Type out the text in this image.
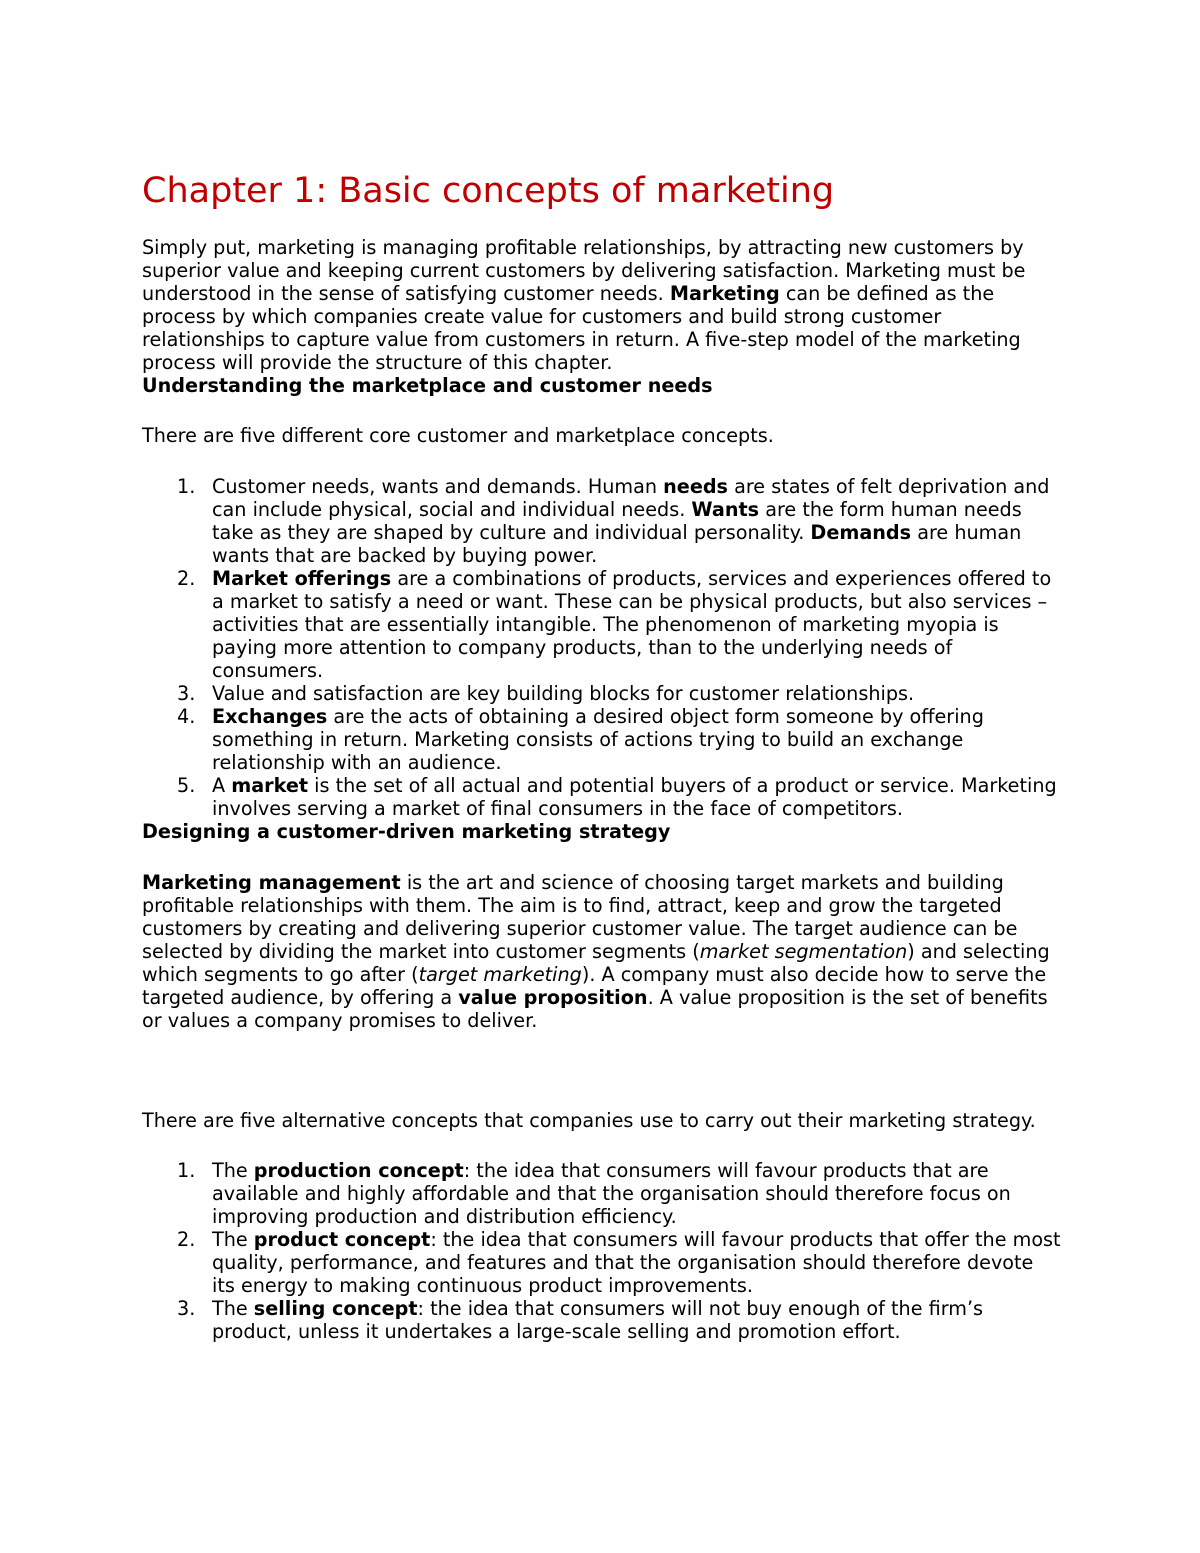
Chapter 1: Basic concepts of marketing

Simply put, marketing is managing profitable relationships, by attracting new customers by superior value and keeping current customers by delivering satisfaction. Marketing must be understood in the sense of satisfying customer needs. Marketing can be defined as the process by which companies create value for customers and build strong customer relationships to capture value from customers in return. A five-step model of the marketing process will provide the structure of this chapter.

Understanding the marketplace and customer needs

There are five different core customer and marketplace concepts.

1. Customer needs, wants and demands. Human needs are states of felt deprivation and can include physical, social and individual needs. Wants are the form human needs take as they are shaped by culture and individual personality. Demands are human wants that are backed by buying power.
2. Market offerings are a combinations of products, services and experiences offered to a market to satisfy a need or want. These can be physical products, but also services – activities that are essentially intangible. The phenomenon of marketing myopia is paying more attention to company products, than to the underlying needs of consumers.
3. Value and satisfaction are key building blocks for customer relationships.
4. Exchanges are the acts of obtaining a desired object form someone by offering something in return. Marketing consists of actions trying to build an exchange relationship with an audience.
5. A market is the set of all actual and potential buyers of a product or service. Marketing involves serving a market of final consumers in the face of competitors.
Designing a customer-driven marketing strategy

Marketing management is the art and science of choosing target markets and building profitable relationships with them. The aim is to find, attract, keep and grow the targeted customers by creating and delivering superior customer value. The target audience can be selected by dividing the market into customer segments (market segmentation) and selecting which segments to go after (target marketing). A company must also decide how to serve the targeted audience, by offering a value proposition. A value proposition is the set of benefits or values a company promises to deliver.

There are five alternative concepts that companies use to carry out their marketing strategy.

1. The production concept: the idea that consumers will favour products that are available and highly affordable and that the organisation should therefore focus on improving production and distribution efficiency.
2. The product concept: the idea that consumers will favour products that offer the most quality, performance, and features and that the organisation should therefore devote its energy to making continuous product improvements.
3. The selling concept: the idea that consumers will not buy enough of the firm’s product, unless it undertakes a large-scale selling and promotion effort.
